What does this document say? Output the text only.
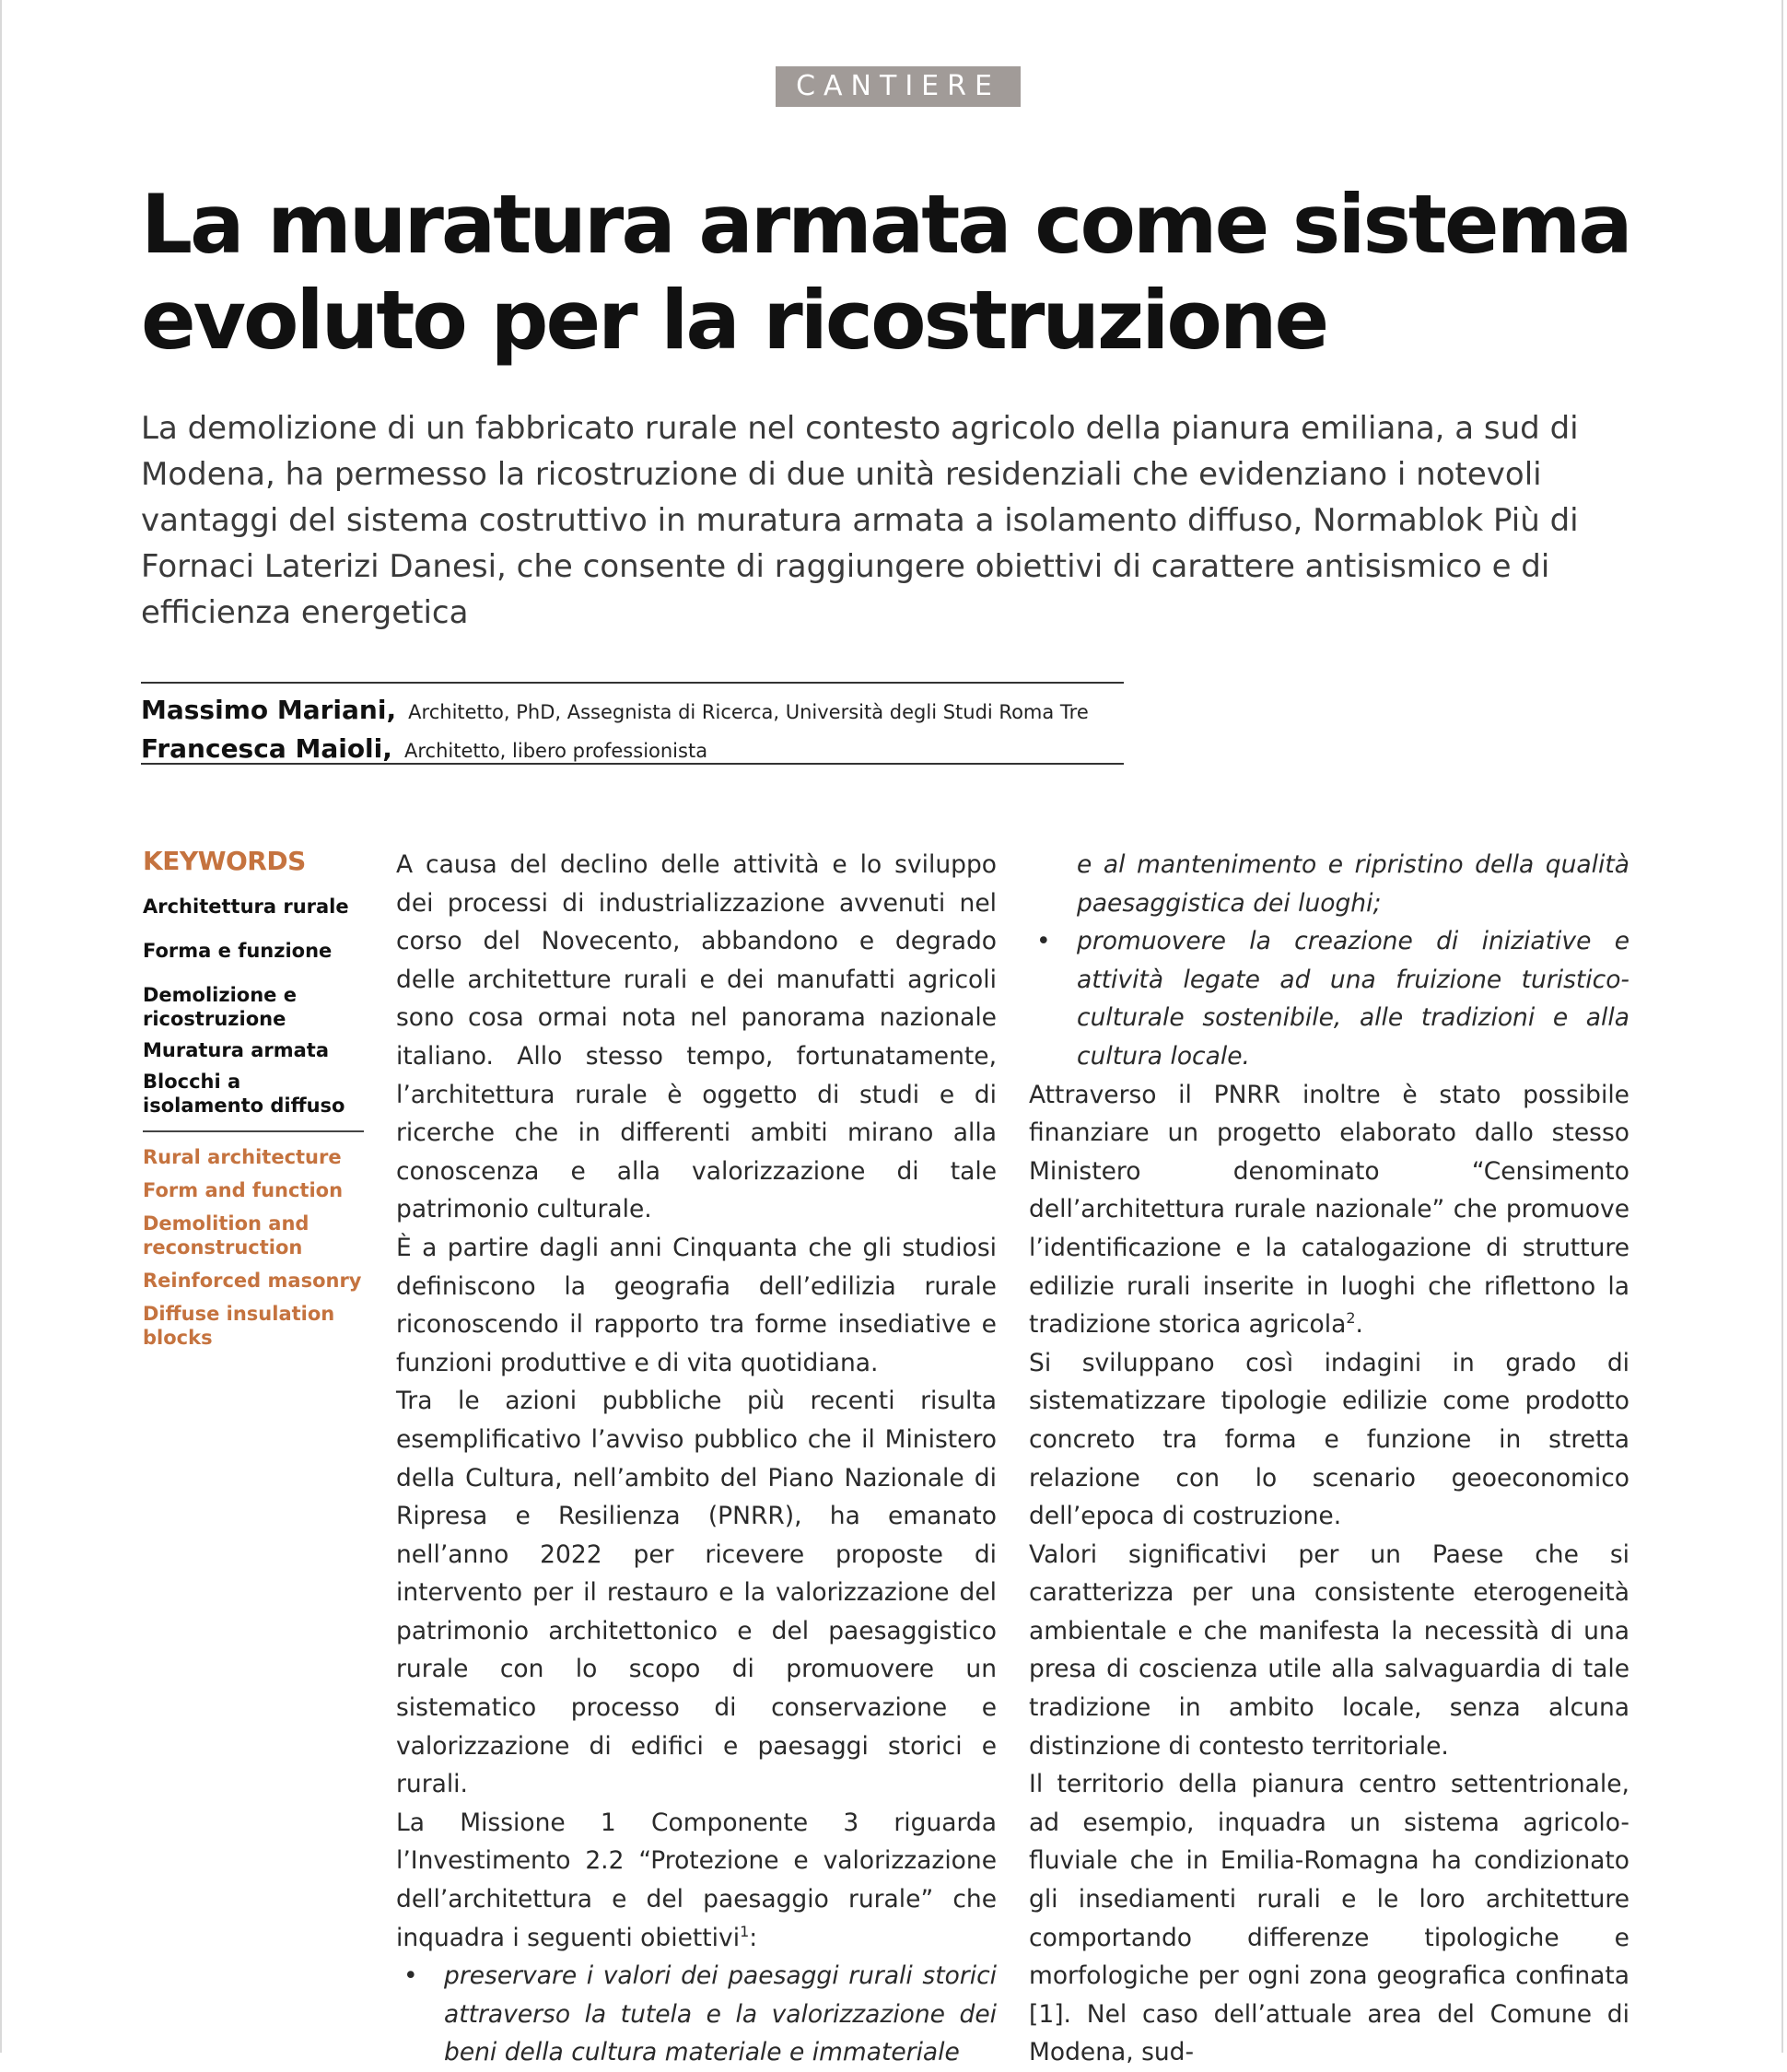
CANTIERE
La muratura armata come sistema
evoluto per la ricostruzione

La demolizione di un fabbricato rurale nel contesto agricolo della pianura emiliana, a sud di Modena, ha permesso la ricostruzione di due unità residenziali che evidenziano i notevoli vantaggi del sistema costruttivo in muratura armata a isolamento diffuso, Normablok Più di Fornaci Laterizi Danesi, che consente di raggiungere obiettivi di carattere antisismico e di efficienza energetica

Massimo Mariani, Architetto, PhD, Assegnista di Ricerca, Università degli Studi Roma Tre
Francesca Maioli, Architetto, libero professionista
KEYWORDS
Architettura rurale
Forma e funzione
Demolizione e ricostruzione
Muratura armata
Blocchi a isolamento diffuso
Rural architecture
Form and function
Demolition and reconstruction
Reinforced masonry
Diffuse insulation blocks

A causa del declino delle attività e lo sviluppo dei processi di industrializzazione avvenuti nel corso del Novecento, abbandono e degrado delle architetture rurali e dei manufatti agricoli sono cosa ormai nota nel panorama nazionale italiano. Allo stesso tempo, fortunatamente, l’architettura rurale è oggetto di studi e di ricerche che in differenti ambiti mirano alla conoscenza e alla valorizzazione di tale patrimonio culturale.

È a partire dagli anni Cinquanta che gli studiosi definiscono la geografia dell’edilizia rurale riconoscendo il rapporto tra forme insediative e funzioni produttive e di vita quotidiana.

Tra le azioni pubbliche più recenti risulta esemplificativo l’avviso pubblico che il Ministero della Cultura, nell’ambito del Piano Nazionale di Ripresa e Resilienza (PNRR), ha emanato nell’anno 2022 per ricevere proposte di intervento per il restauro e la valorizzazione del patrimonio architettonico e del paesaggistico rurale con lo scopo di promuovere un sistematico processo di conservazione e valorizzazione di edifici e paesaggi storici e rurali.

La Missione 1 Componente 3 riguarda l’Investimento 2.2 “Protezione e valorizzazione dell’architettura e del paesaggio rurale” che inquadra i seguenti obiettivi$^1$:

• preservare i valori dei paesaggi rurali storici attraverso la tutela e la valorizzazione dei beni della cultura materiale e immateriale

e al mantenimento e ripristino della qualità paesaggistica dei luoghi;

• promuovere la creazione di iniziative e attività legate ad una fruizione turistico-culturale sostenibile, alle tradizioni e alla cultura locale.

Attraverso il PNRR inoltre è stato possibile finanziare un progetto elaborato dallo stesso Ministero denominato “Censimento dell’architettura rurale nazionale” che promuove l’identificazione e la catalogazione di strutture edilizie rurali inserite in luoghi che riflettono la tradizione storica agricola$^2$.

Si sviluppano così indagini in grado di sistematizzare tipologie edilizie come prodotto concreto tra forma e funzione in stretta relazione con lo scenario geoeconomico dell’epoca di costruzione.

Valori significativi per un Paese che si caratterizza per una consistente eterogeneità ambientale e che manifesta la necessità di una presa di coscienza utile alla salvaguardia di tale tradizione in ambito locale, senza alcuna distinzione di contesto territoriale.

Il territorio della pianura centro settentrionale, ad esempio, inquadra un sistema agricolo-fluviale che in Emilia-Romagna ha condizionato gli insediamenti rurali e le loro architetture comportando differenze tipologiche e morfologiche per ogni zona geografica confinata [1]. Nel caso dell’attuale area del Comune di Modena, sud-
